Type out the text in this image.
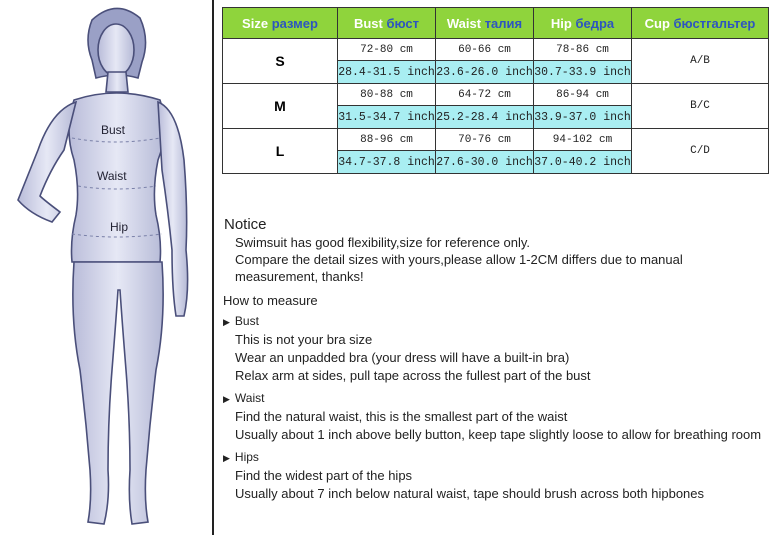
Bust
Waist
Hip
Size размер	Bust бюст	Waist талия	Hip бедра	Cup бюстгальтер
S	72-80 cm	60-66 cm	78-86 cm	A/B
	28.4-31.5 inch	23.6-26.0 inch	30.7-33.9 inch	
M	80-88 cm	64-72 cm	86-94 cm	B/C
	31.5-34.7 inch	25.2-28.4 inch	33.9-37.0 inch	
L	88-96 cm	70-76 cm	94-102 cm	C/D
	34.7-37.8 inch	27.6-30.0 inch	37.0-40.2 inch	
Notice
Swimsuit has good flexibility,size for reference only.
Compare the detail sizes with yours,please allow 1-2CM differs due to manual
measurement, thanks!
How to measure
▶ Bust
This is not your bra size
Wear an unpadded bra (your dress will have a built-in bra)
Relax arm at sides, pull tape across the fullest part of the bust
▶ Waist
Find the natural waist, this is the smallest part of the waist
Usually about 1 inch above belly button, keep tape slightly loose to allow for breathing room
▶ Hips
Find the widest part of the hips
Usually about 7 inch below natural waist, tape should brush across both hipbones
